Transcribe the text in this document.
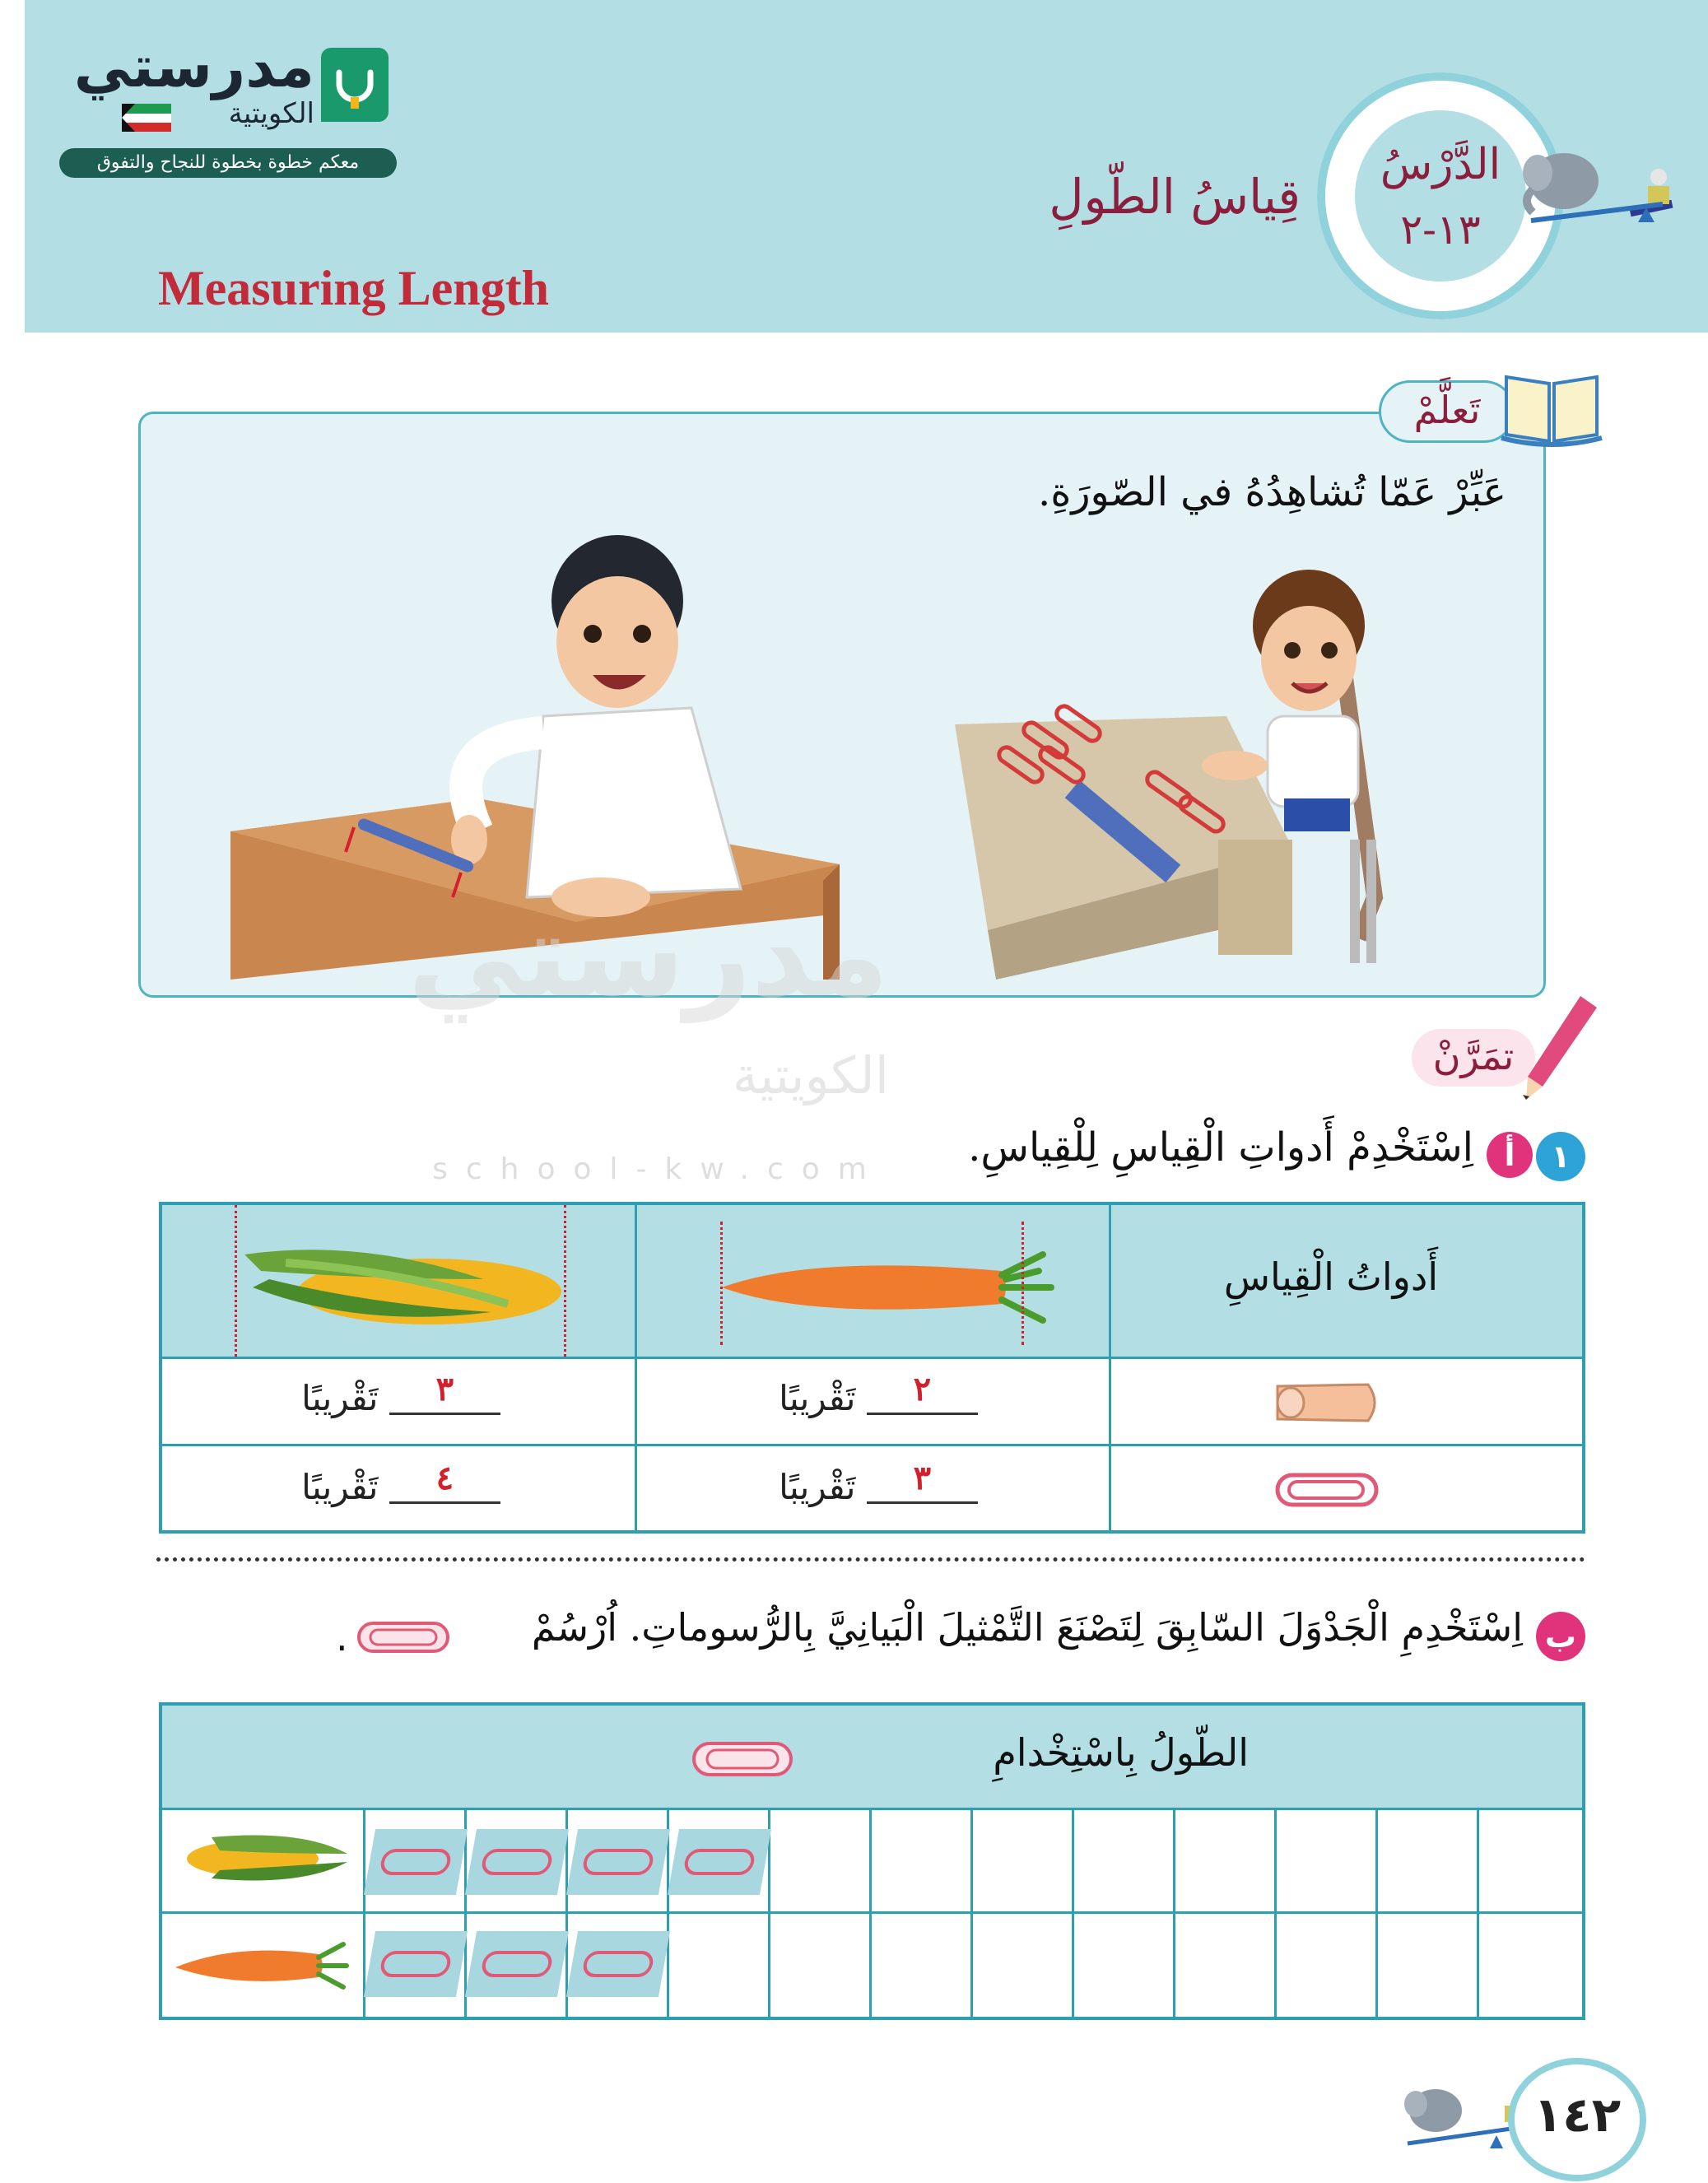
مدرستي
الكويتية
معكم خطوة بخطوة للنجاح والتفوق	الدَّرْسُ
١٣-٢
قِياسُ الطّولِ
Measuring Length
تَعلَّمْ
عَبِّرْ عَمّا تُشاهِدُهُ في الصّورَةِ.
مدرستي
الكويتية
school-kw.com
تمَرَّنْ
١
أ
اِسْتَخْدِمْ أَدواتِ الْقِياسِ لِلْقِياسِ.
أَدواتُ الْقِياسِ
٢
تَقْريبًا
٣
تَقْريبًا
٣
تَقْريبًا
٤
تَقْريبًا
ب
اِسْتَخْدِمِ الْجَدْوَلَ السّابِقَ لِتَصْنَعَ التَّمْثيلَ الْبَيانِيَّ بِالرُّسوماتِ. اُرْسُمْ
.
الطّولُ بِاسْتِخْدامِ
١٤٢
